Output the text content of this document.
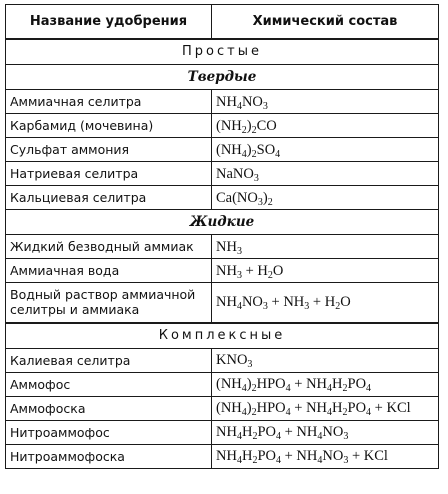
Название удобрения	Химический состав
Простые	
Твердые	
Аммиачная селитра	$NH_4NO_3$
Карбамид (мочевина)	$(NH_2)_2CO$
Сульфат аммония	$(NH_4)_2SO_4$
Натриевая селитра	NaNO$_3$
Кальциевая селитра	$Ca(NO_3)_2$
Жидкие	
Жидкий безводный аммиак	$NH_3$
Аммиачная вода	$NH_3 + H_2O$
Водный раствор аммиачной селитры и аммиака	$NH_4NO_3 + NH_3 + H_2O$
Комплексные	
Калиевая селитра	$KNO_3$
Аммофос	$(NH_4)_2HPO_4 + NH_4H_2PO_4$
Аммофоска	$(NH_4)_2HPO_4 + NH_4H_2PO_4$ + KCl
Нитроаммофос	$NH_4H_2PO_4 + NH_4NO_3$
Нитроаммофоска	$NH_4H_2PO_4 + NH_4NO_3$ + KCl
